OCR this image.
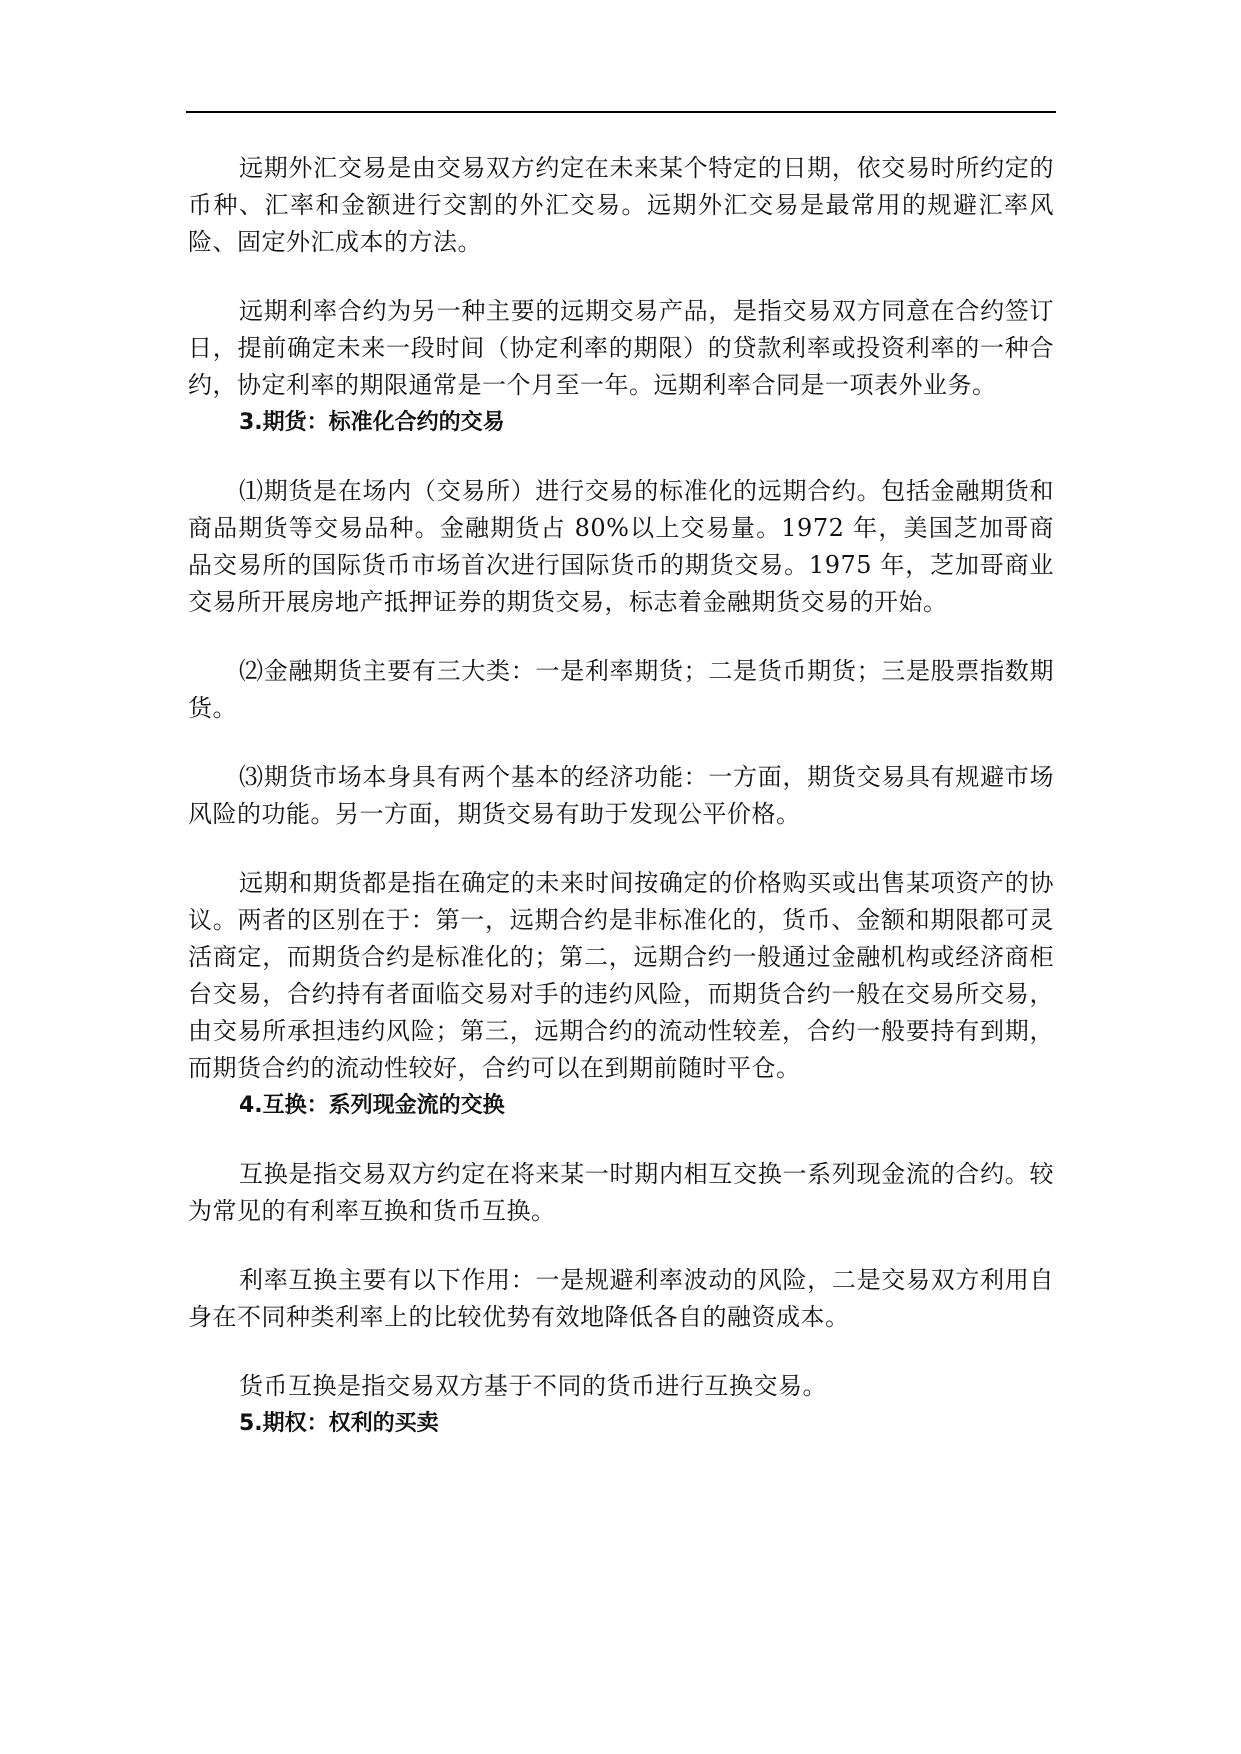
远期外汇交易是由交易双方约定在未来某个特定的日期，依交易时所约定的币种、汇率和金额进行交割的外汇交易。远期外汇交易是最常用的规避汇率风险、固定外汇成本的方法。

远期利率合约为另一种主要的远期交易产品，是指交易双方同意在合约签订日，提前确定未来一段时间（协定利率的期限）的贷款利率或投资利率的一种合约，协定利率的期限通常是一个月至一年。远期利率合同是一项表外业务。

3.期货：标准化合约的交易

⑴期货是在场内（交易所）进行交易的标准化的远期合约。包括金融期货和商品期货等交易品种。金融期货占 80%以上交易量。1972 年，美国芝加哥商品交易所的国际货币市场首次进行国际货币的期货交易。1975 年，芝加哥商业交易所开展房地产抵押证券的期货交易，标志着金融期货交易的开始。

⑵金融期货主要有三大类：一是利率期货；二是货币期货；三是股票指数期货。

⑶期货市场本身具有两个基本的经济功能：一方面，期货交易具有规避市场风险的功能。另一方面，期货交易有助于发现公平价格。

远期和期货都是指在确定的未来时间按确定的价格购买或出售某项资产的协议。两者的区别在于：第一，远期合约是非标准化的，货币、金额和期限都可灵活商定，而期货合约是标准化的；第二，远期合约一般通过金融机构或经济商柜台交易，合约持有者面临交易对手的违约风险，而期货合约一般在交易所交易，由交易所承担违约风险；第三，远期合约的流动性较差，合约一般要持有到期，而期货合约的流动性较好，合约可以在到期前随时平仓。

4.互换：系列现金流的交换

互换是指交易双方约定在将来某一时期内相互交换一系列现金流的合约。较为常见的有利率互换和货币互换。

利率互换主要有以下作用：一是规避利率波动的风险，二是交易双方利用自身在不同种类利率上的比较优势有效地降低各自的融资成本。

货币互换是指交易双方基于不同的货币进行互换交易。

5.期权：权利的买卖
